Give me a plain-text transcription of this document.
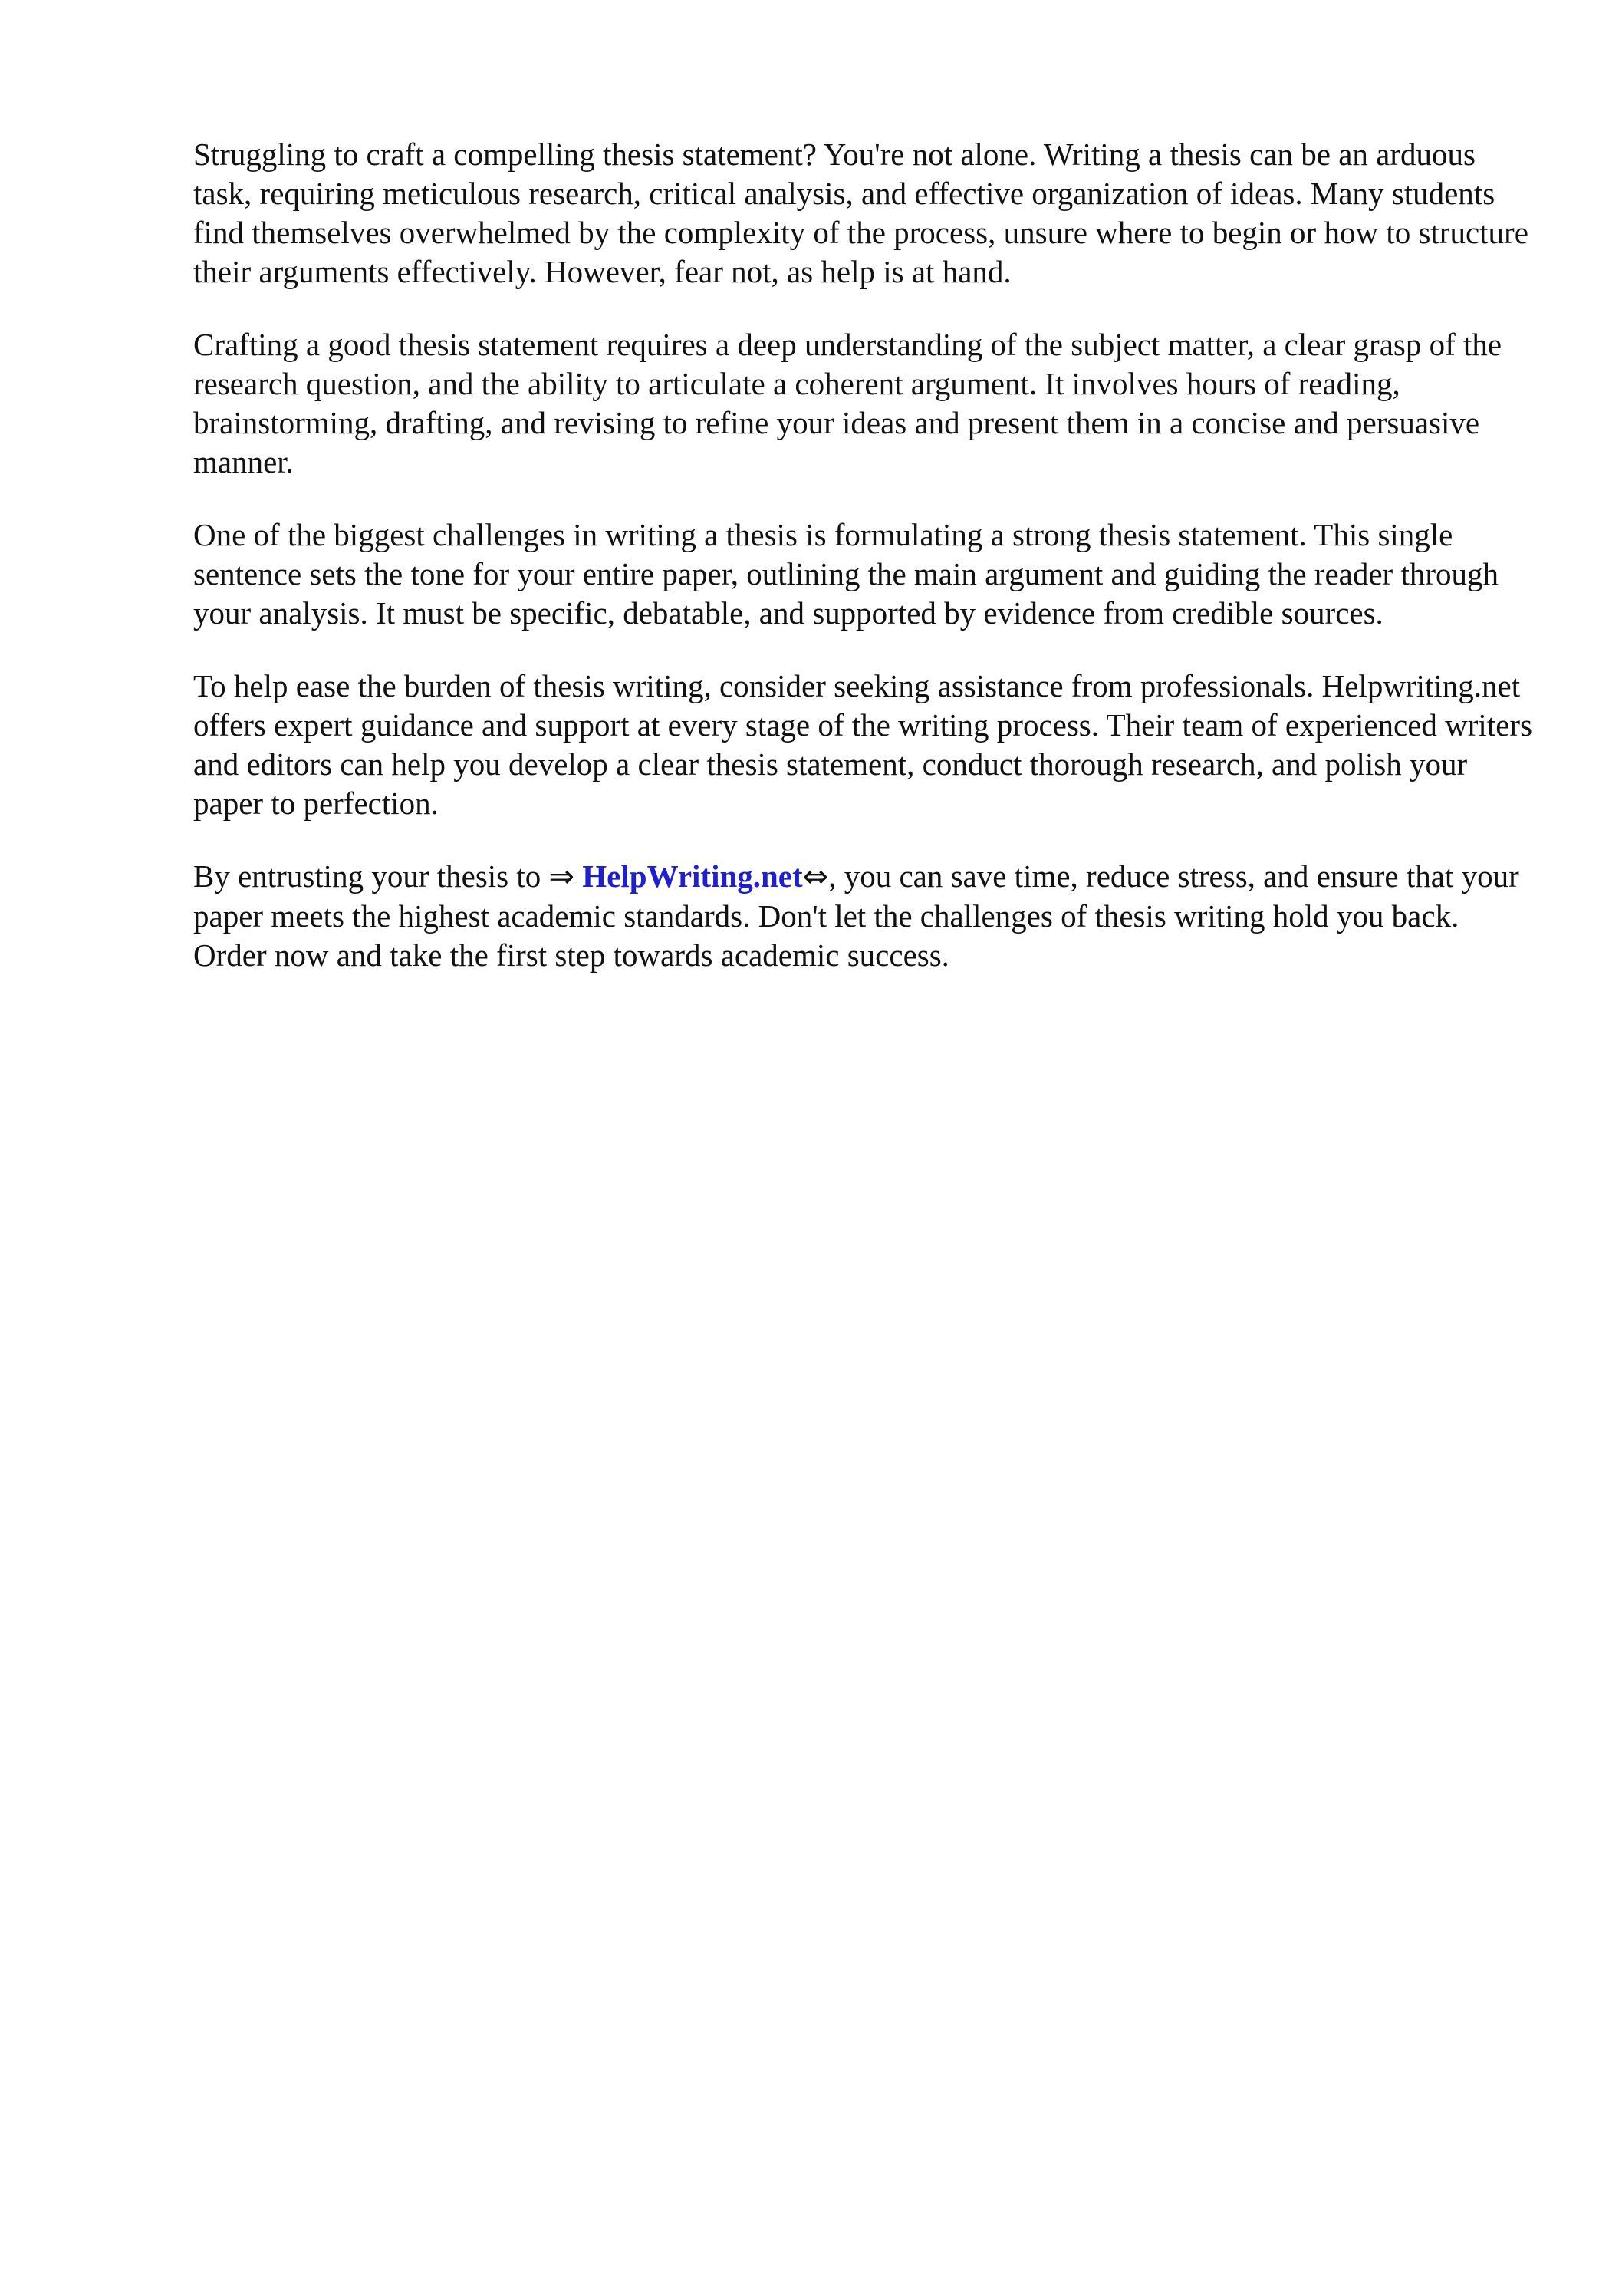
Struggling to craft a compelling thesis statement? You're not alone. Writing a thesis can be an arduous task, requiring meticulous research, critical analysis, and effective organization of ideas. Many students find themselves overwhelmed by the complexity of the process, unsure where to begin or how to structure their arguments effectively. However, fear not, as help is at hand.

Crafting a good thesis statement requires a deep understanding of the subject matter, a clear grasp of the research question, and the ability to articulate a coherent argument. It involves hours of reading, brainstorming, drafting, and revising to refine your ideas and present them in a concise and persuasive manner.

One of the biggest challenges in writing a thesis is formulating a strong thesis statement. This single sentence sets the tone for your entire paper, outlining the main argument and guiding the reader through your analysis. It must be specific, debatable, and supported by evidence from credible sources.

To help ease the burden of thesis writing, consider seeking assistance from professionals. Helpwriting.net offers expert guidance and support at every stage of the writing process. Their team of experienced writers and editors can help you develop a clear thesis statement, conduct thorough research, and polish your paper to perfection.

By entrusting your thesis to ⇒ HelpWriting.net⇔, you can save time, reduce stress, and ensure that your paper meets the highest academic standards. Don't let the challenges of thesis writing hold you back. Order now and take the first step towards academic success.
